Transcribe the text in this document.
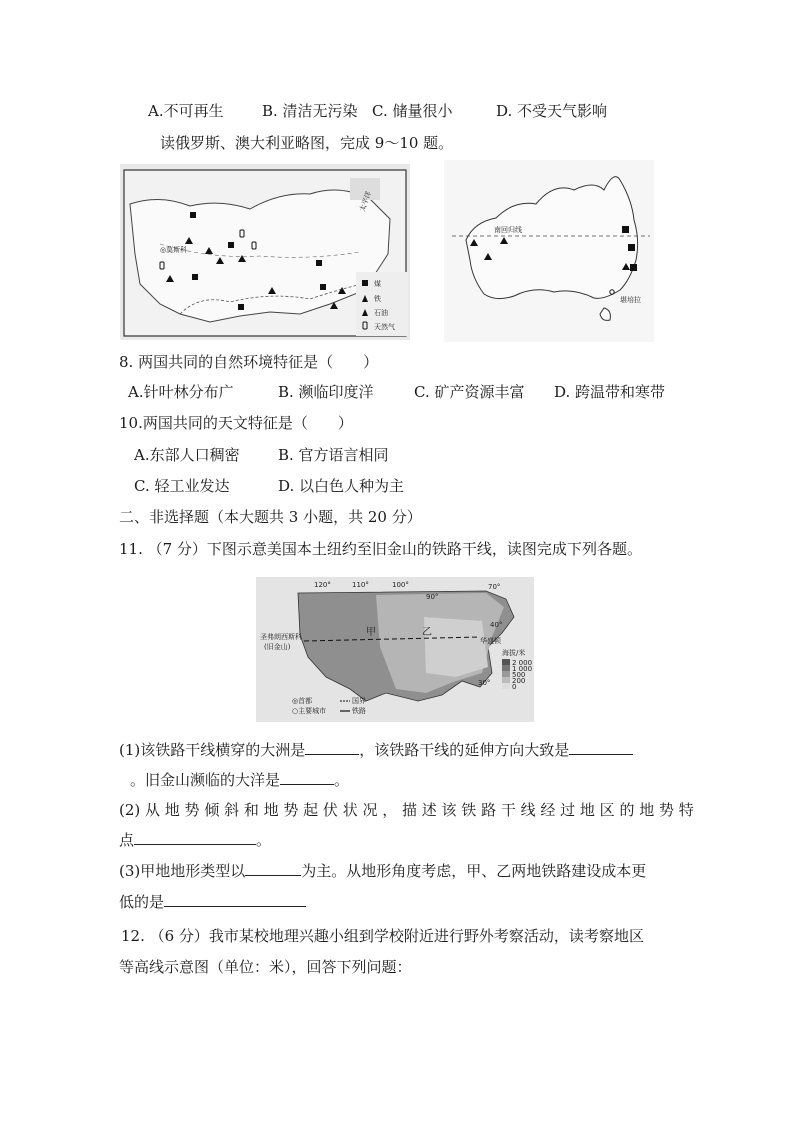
A.不可再生	B. 清洁无污染 C. 储量很小	D. 不受天气影响
读俄罗斯、澳大利亚略图，完成 9～10 题。
太平洋
◎莫斯科
煤
铁
石油
天然气
南回归线
堪培拉
8. 两国共同的自然环境特征是（　　）
A.针叶林分布广	B. 濒临印度洋	C. 矿产资源丰富 D. 跨温带和寒带
10.两国共同的天文特征是（　　）
A.东部人口稠密	B. 官方语言相同
C. 轻工业发达	D. 以白色人种为主
二、非选择题（本大题共 3 小题，共 20 分）
11. （7 分）下图示意美国本土纽约至旧金山的铁路干线，读图完成下列各题。
120°	110°	100°
90°
70°
甲	乙
圣弗朗西斯科
(旧金山)
华盛顿
40°
30°
海拔/米
2 000
1 000
500
200
0
◎首都
○主要城市
国界
铁路
(1)该铁路干线横穿的大洲是	，该铁路干线的延伸方向大致是
。旧金山濒临的大洋是	。
(2) 从 地 势 倾 斜 和 地 势 起 伏 状 况 ， 描 述 该 铁 路 干 线 经 过 地 区 的 地 势 特
点	。
(3)甲地地形类型以	为主。从地形角度考虑，甲、乙两地铁路建设成本更
低的是
12. （6 分）我市某校地理兴趣小组到学校附近进行野外考察活动，读考察地区
等高线示意图（单位：米），回答下列问题：
